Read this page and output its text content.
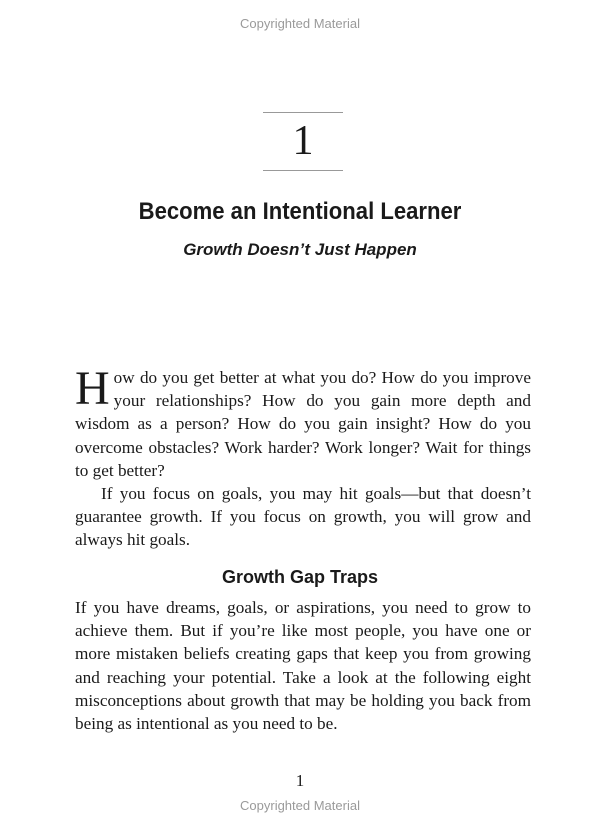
Copyrighted Material
1
Become an Intentional Learner
Growth Doesn’t Just Happen

How do you get better at what you do? How do you improve your relationships? How do you gain more depth and wisdom as a person? How do you gain insight? How do you overcome obstacles? Work harder? Work longer? Wait for things to get better?

If you focus on goals, you may hit goals—but that doesn’t guarantee growth. If you focus on growth, you will grow and always hit goals.

Growth Gap Traps

If you have dreams, goals, or aspirations, you need to grow to achieve them. But if you’re like most people, you have one or more mistaken beliefs creating gaps that keep you from growing and reaching your potential. Take a look at the following eight misconceptions about growth that may be holding you back from being as intentional as you need to be.

1
Copyrighted Material
